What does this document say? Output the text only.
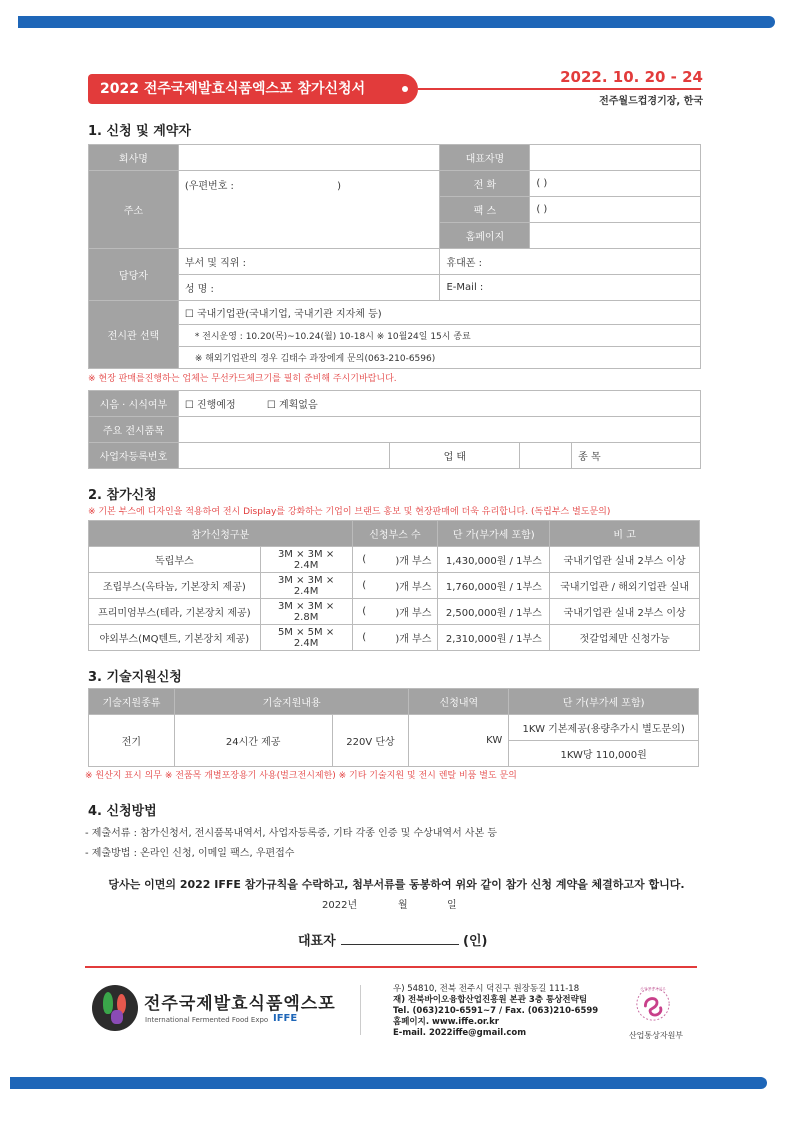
2022 전주국제발효식품엑스포 참가신청서
2022. 10. 20 - 24
전주월드컵경기장, 한국
1. 신청 및 계약자
회사명		대표자명	
주소	(우편번호 : )	전 화	( )
		팩 스	( )
		홈페이지	
담당자	부서 및 직위 :	휴대폰 :	
	성 명 :	E-Mail :	
전시관 선택	☐ 국내기업관(국내기업, 국내기관 지자체 등)		
	* 전시운영 : 10.20(목)~10.24(월) 10-18시 ※ 10월24일 15시 종료		
	※ 해외기업관의 경우 김태수 과장에게 문의(063-210-6596)		
※ 현장 판매를진행하는 업체는 무선카드체크기를 필히 준비해 주시기바랍니다.
시음 · 시식여부	☐ 진행예정 ☐ 계획없음			
주요 전시품목				
사업자등록번호		업 태		종 목
2. 참가신청
※ 기본 부스에 디자인을 적용하여 전시 Display를 강화하는 기업이 브랜드 홍보 및 현장판매에 더욱 유리합니다. (독립부스 별도문의)
참가신청구분		신청부스 수		단 가(부가세 포함)	비 고
독립부스	3M × 3M × 2.4M	(	)개 부스	1,430,000원 / 1부스	국내기업관 실내 2부스 이상
조립부스(옥타놈, 기본장치 제공)	3M × 3M × 2.4M	(	)개 부스	1,760,000원 / 1부스	국내기업관 / 해외기업관 실내
프리미엄부스(테라, 기본장치 제공)	3M × 3M × 2.8M	(	)개 부스	2,500,000원 / 1부스	국내기업관 실내 2부스 이상
야외부스(MQ텐트, 기본장치 제공)	5M × 5M × 2.4M	(	)개 부스	2,310,000원 / 1부스	젓갈업체만 신청가능
3. 기술지원신청
기술지원종류	기술지원내용		신청내역	단 가(부가세 포함)
전기	24시간 제공	220V 단상	KW	1KW 기본제공(용량추가시 별도문의)
				1KW당 110,000원
※ 원산지 표시 의무 ※ 전품목 개별포장용기 사용(벌크전시제한) ※ 기타 기술지원 및 전시 렌탈 비품 별도 문의
4. 신청방법
- 제출서류 : 참가신청서, 전시품목내역서, 사업자등록증, 기타 각종 인증 및 수상내역서 사본 등
- 제출방법 : 온라인 신청, 이메일 팩스, 우편접수
당사는 이면의 2022 IFFE 참가규칙을 수락하고, 첨부서류를 동봉하여 위와 같이 참가 신청 계약을 체결하고자 합니다.
2022년	월	일
대표자	(인)
전주국제발효식품엑스포
International Fermented Food Expo IFFE
우) 54810, 전북 전주시 덕진구 원장동길 111-18
재) 전북바이오융합산업진흥원 본관 3층 통상전략팀
Tel. (063)210-6591~7 / Fax. (063)210-6599
홈페이지. www.iffe.or.kr
E-mail. 2022iffe@gmail.com
산업통상자원부
산업통상자원부
